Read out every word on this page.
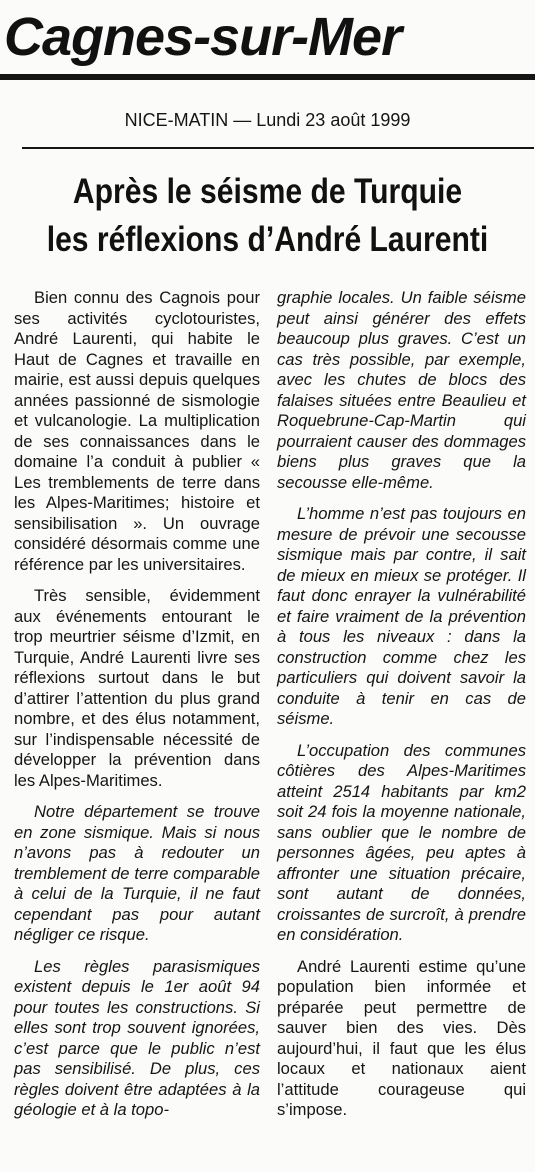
Cagnes-sur-Mer
NICE-MATIN — Lundi 23 août 1999
Après le séisme de Turquie
les réflexions d’André Laurenti

Bien connu des Cagnois pour ses activités cyclotouristes, André Laurenti, qui habite le Haut de Cagnes et travaille en mairie, est aussi depuis quelques années passionné de sismologie et vulcanologie. La multiplication de ses connaissances dans le domaine l’a conduit à publier « Les tremblements de terre dans les Alpes-Maritimes; histoire et sensibilisation ». Un ouvrage considéré désormais comme une référence par les universitaires.

Très sensible, évidemment aux événements entourant le trop meurtrier séisme d’Izmit, en Turquie, André Laurenti livre ses réflexions surtout dans le but d’attirer l’attention du plus grand nombre, et des élus notamment, sur l’indispensable nécessité de développer la prévention dans les Alpes-Maritimes.

Notre département se trouve en zone sismique. Mais si nous n’avons pas à redouter un tremblement de terre comparable à celui de la Turquie, il ne faut cependant pas pour autant négliger ce risque.

Les règles parasismiques existent depuis le 1er août 94 pour toutes les constructions. Si elles sont trop souvent ignorées, c’est parce que le public n’est pas sensibilisé. De plus, ces règles doivent être adaptées à la géologie et à la topo-

graphie locales. Un faible séisme peut ainsi générer des effets beaucoup plus graves. C’est un cas très possible, par exemple, avec les chutes de blocs des falaises situées entre Beaulieu et Roquebrune-Cap-Martin qui pourraient causer des dommages biens plus graves que la secousse elle-même.

L’homme n’est pas toujours en mesure de prévoir une secousse sismique mais par contre, il sait de mieux en mieux se protéger. Il faut donc enrayer la vulnérabilité et faire vraiment de la prévention à tous les niveaux : dans la construction comme chez les particuliers qui doivent savoir la conduite à tenir en cas de séisme.

L’occupation des communes côtières des Alpes-Maritimes atteint 2514 habitants par km2 soit 24 fois la moyenne nationale, sans oublier que le nombre de personnes âgées, peu aptes à affronter une situation précaire, sont autant de données, croissantes de surcroît, à prendre en considération.

André Laurenti estime qu’une population bien informée et préparée peut permettre de sauver bien des vies. Dès aujourd’hui, il faut que les élus locaux et nationaux aient l’attitude courageuse qui s’impose.
